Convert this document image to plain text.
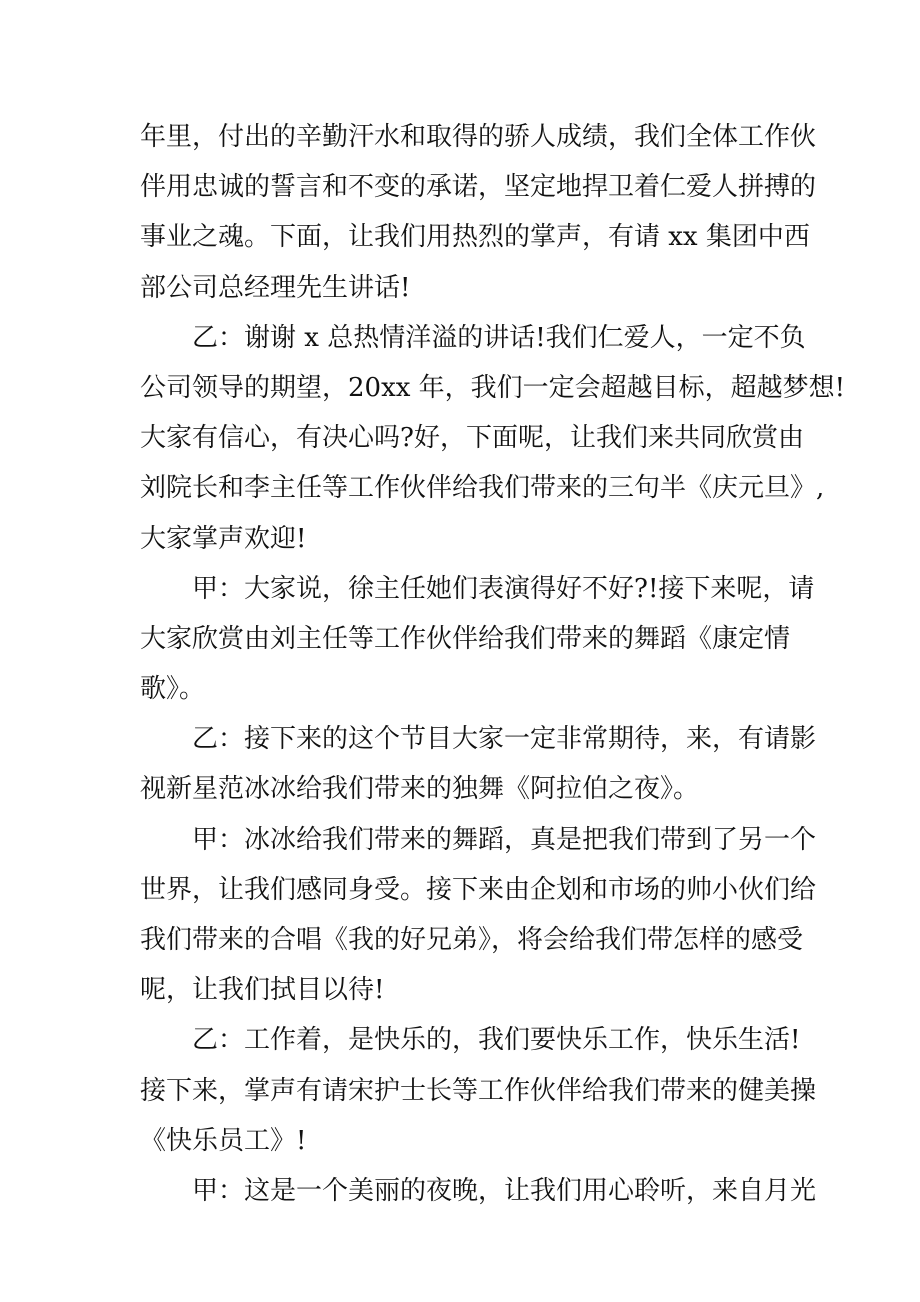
年里，付出的辛勤汗水和取得的骄人成绩，我们全体工作伙
伴用忠诚的誓言和不变的承诺，坚定地捍卫着仁爱人拼搏的
事业之魂。下面，让我们用热烈的掌声，有请 xx 集团中西
部公司总经理先生讲话!
　　乙：谢谢 x 总热情洋溢的讲话!我们仁爱人，一定不负
公司领导的期望，20xx 年，我们一定会超越目标，超越梦想!
大家有信心，有决心吗?好，下面呢，让我们来共同欣赏由
刘院长和李主任等工作伙伴给我们带来的三句半《庆元旦》,
大家掌声欢迎!
　　甲：大家说，徐主任她们表演得好不好?!接下来呢，请
大家欣赏由刘主任等工作伙伴给我们带来的舞蹈《康定情
歌》。
　　乙：接下来的这个节目大家一定非常期待，来，有请影
视新星范冰冰给我们带来的独舞《阿拉伯之夜》。
　　甲：冰冰给我们带来的舞蹈，真是把我们带到了另一个
世界，让我们感同身受。接下来由企划和市场的帅小伙们给
我们带来的合唱《我的好兄弟》，将会给我们带怎样的感受
呢，让我们拭目以待!
　　乙：工作着，是快乐的，我们要快乐工作，快乐生活!
接下来，掌声有请宋护士长等工作伙伴给我们带来的健美操
《快乐员工》!
　　甲：这是一个美丽的夜晚，让我们用心聆听，来自月光
